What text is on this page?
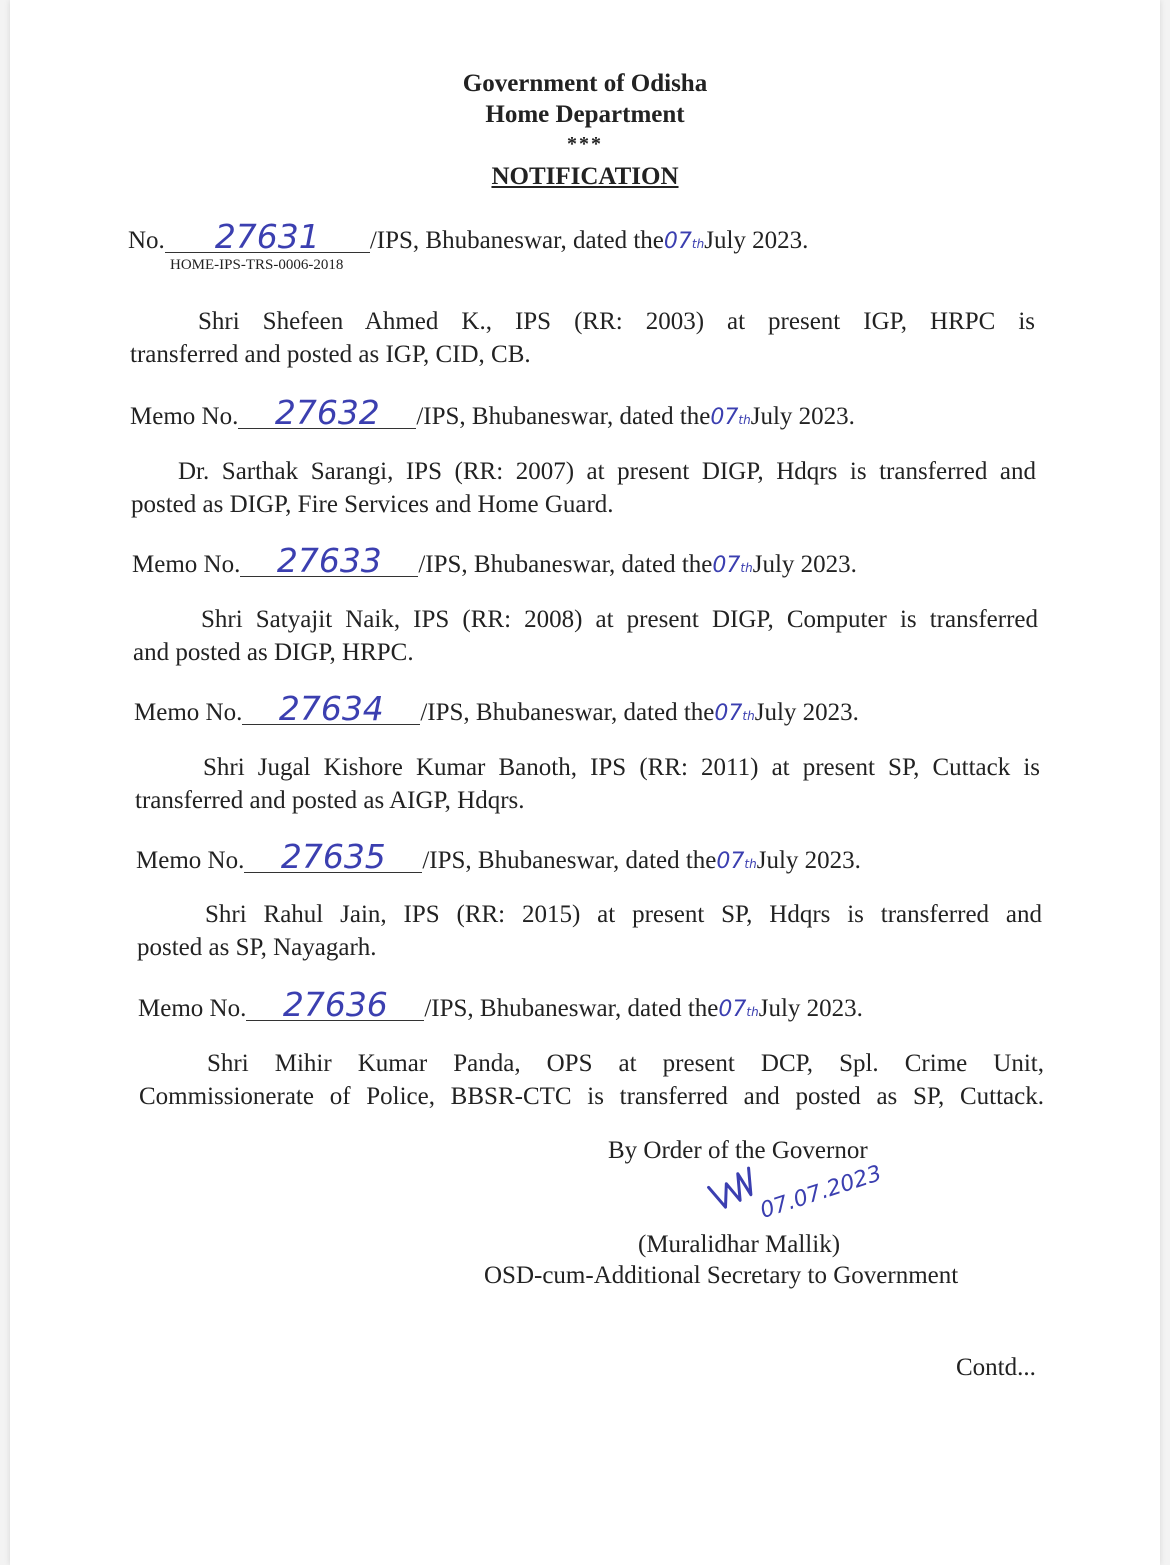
Government of Odisha
Home Department
***
NOTIFICATION
No. 27631 /IPS, Bhubaneswar, dated the07thJuly 2023.
HOME-IPS-TRS-0006-2018
Shri Shefeen Ahmed K., IPS (RR: 2003) at present IGP, HRPC is
transferred and posted as IGP, CID, CB.
Memo No. 27632 /IPS, Bhubaneswar, dated the07thJuly 2023.
Dr. Sarthak Sarangi, IPS (RR: 2007) at present DIGP, Hdqrs is transferred and
posted as DIGP, Fire Services and Home Guard.
Memo No. 27633 /IPS, Bhubaneswar, dated the07thJuly 2023.
Shri Satyajit Naik, IPS (RR: 2008) at present DIGP, Computer is transferred
and posted as DIGP, HRPC.
Memo No. 27634 /IPS, Bhubaneswar, dated the07thJuly 2023.
Shri Jugal Kishore Kumar Banoth, IPS (RR: 2011) at present SP, Cuttack is
transferred and posted as AIGP, Hdqrs.
Memo No. 27635 /IPS, Bhubaneswar, dated the07thJuly 2023.
Shri Rahul Jain, IPS (RR: 2015) at present SP, Hdqrs is transferred and
posted as SP, Nayagarh.
Memo No. 27636 /IPS, Bhubaneswar, dated the07thJuly 2023.
Shri Mihir Kumar Panda, OPS at present DCP, Spl. Crime Unit,
Commissionerate of Police, BBSR-CTC is transferred and posted as SP, Cuttack.
By Order of the Governor
07.07.2023
(Muralidhar Mallik)
OSD-cum-Additional Secretary to Government
Contd...
